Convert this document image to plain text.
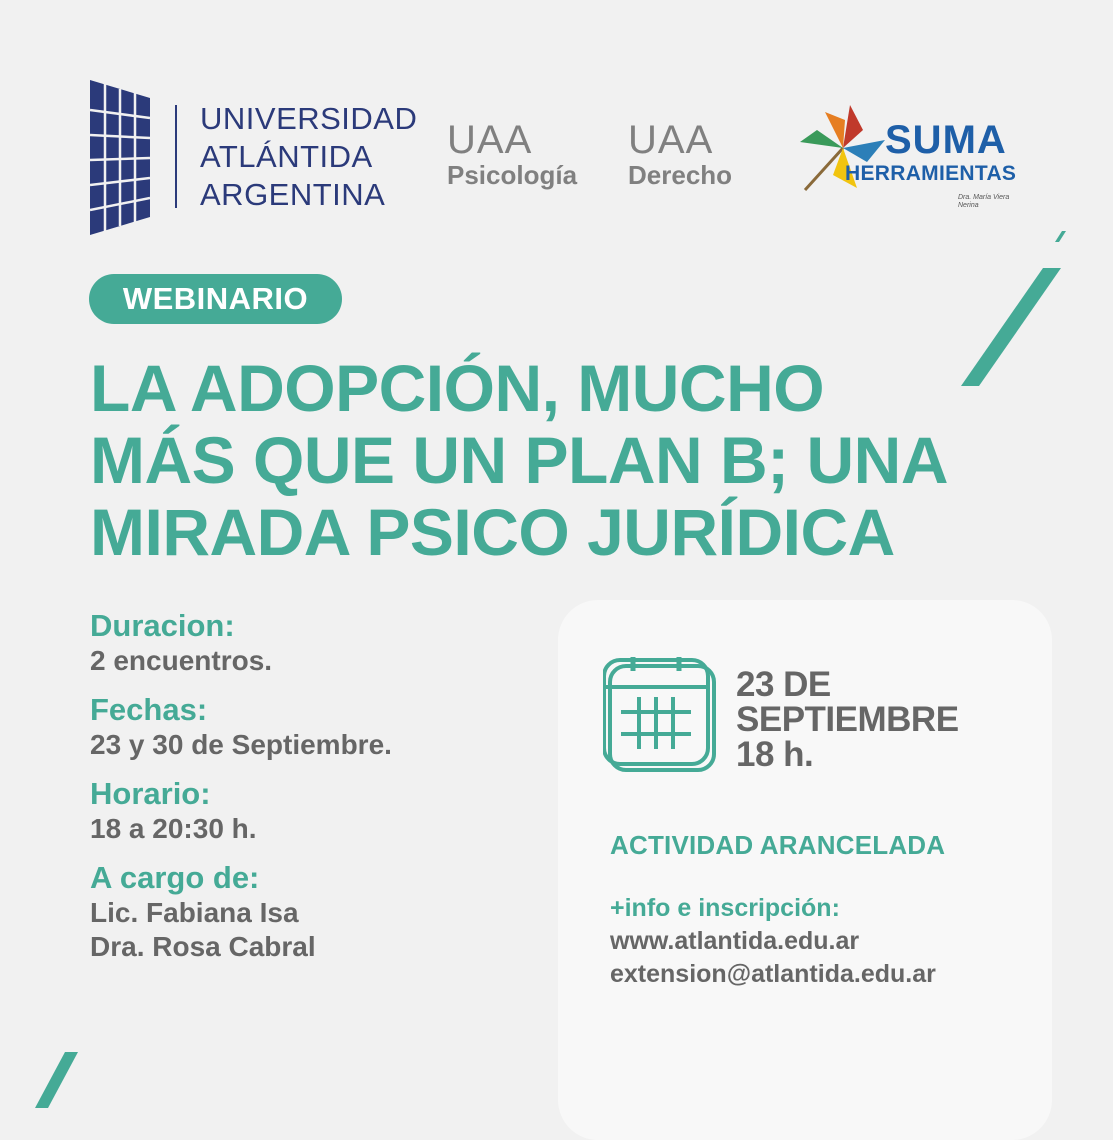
UNIVERSIDAD
ATLÁNTIDA
ARGENTINA
UAA
Psicología
UAA
Derecho
SUMA
HERRAMIENTAS
Dra. María Viera Nerina
WEBINARIO
LA ADOPCIÓN, MUCHO
MÁS QUE UN PLAN B; UNA
MIRADA PSICO JURÍDICA
Duracion:
2 encuentros.
Fechas:
23 y 30 de Septiembre.
Horario:
18 a 20:30 h.
A cargo de:
Lic. Fabiana Isa
Dra. Rosa Cabral
23 DE
SEPTIEMBRE
18 h.
ACTIVIDAD ARANCELADA
+info e inscripción:
www.atlantida.edu.ar
extension@atlantida.edu.ar
